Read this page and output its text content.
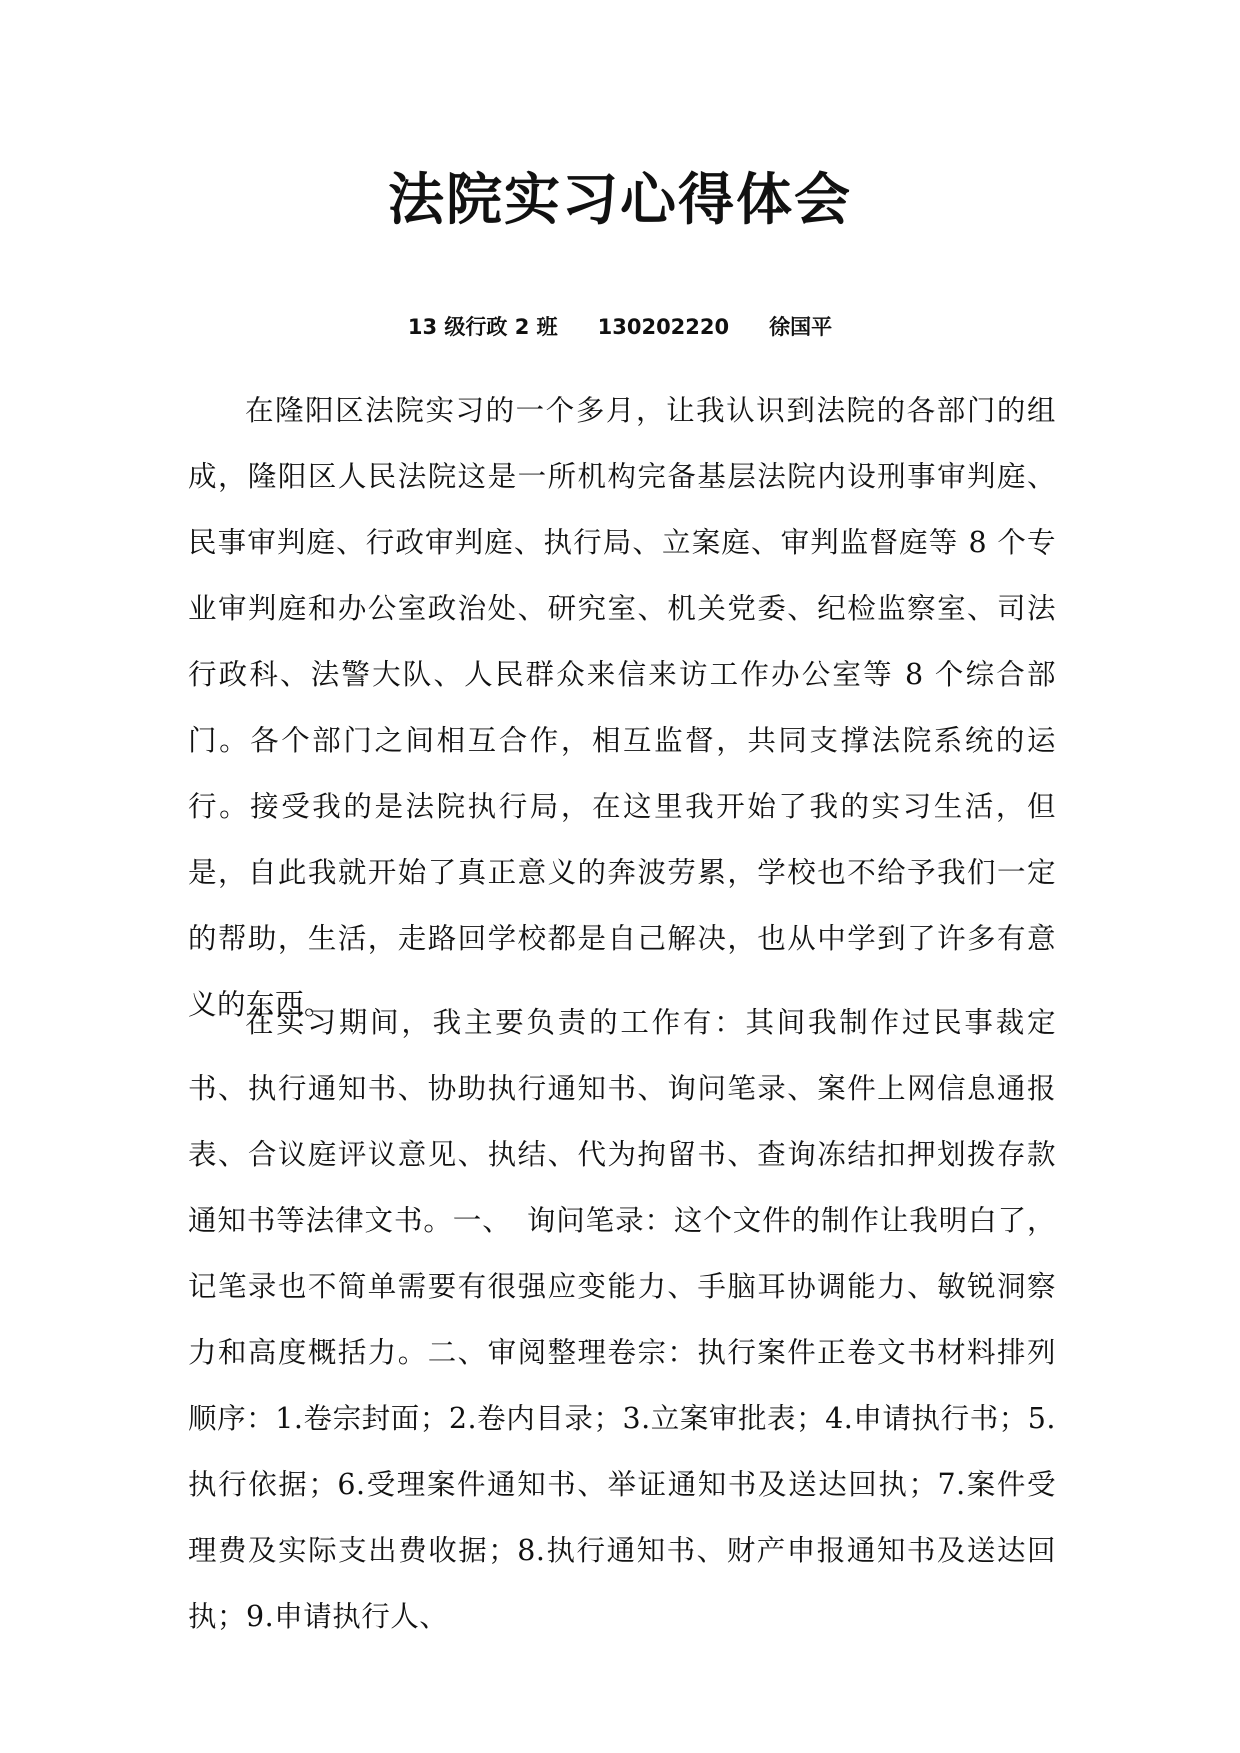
法院实习心得体会
13 级行政 2 班 130202220 徐国平

在隆阳区法院实习的一个多月，让我认识到法院的各部门的组成，隆阳区人民法院这是一所机构完备基层法院内设刑事审判庭、民事审判庭、行政审判庭、执行局、立案庭、审判监督庭等 8 个专业审判庭和办公室政治处、研究室、机关党委、纪检监察室、司法行政科、法警大队、人民群众来信来访工作办公室等 8 个综合部门。各个部门之间相互合作，相互监督，共同支撑法院系统的运行。接受我的是法院执行局，在这里我开始了我的实习生活，但是，自此我就开始了真正意义的奔波劳累，学校也不给予我们一定的帮助，生活，走路回学校都是自己解决，也从中学到了许多有意义的东西。

在实习期间，我主要负责的工作有：其间我制作过民事裁定书、执行通知书、协助执行通知书、询问笔录、案件上网信息通报表、合议庭评议意见、执结、代为拘留书、查询冻结扣押划拨存款通知书等法律文书。一、　询问笔录：这个文件的制作让我明白了，记笔录也不简单需要有很强应变能力、手脑耳协调能力、敏锐洞察力和高度概括力。二、审阅整理卷宗：执行案件正卷文书材料排列顺序：1.卷宗封面；2.卷内目录；3.立案审批表；4.申请执行书；5.执行依据；6.受理案件通知书、举证通知书及送达回执；7.案件受理费及实际支出费收据；8.执行通知书、财产申报通知书及送达回执；9.申请执行人、
